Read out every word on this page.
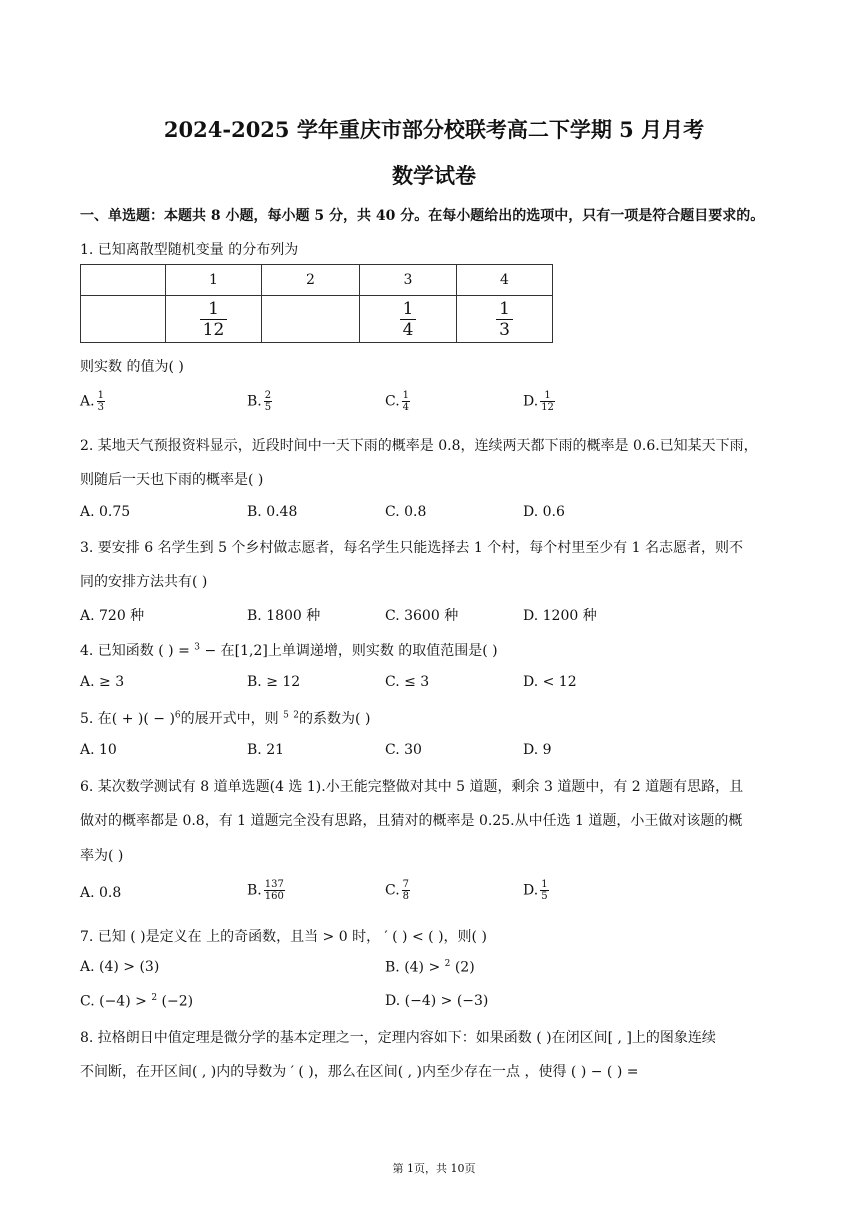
2024-2025 学年重庆市部分校联考高二下学期 5 月月考
数学试卷
一、单选题：本题共 8 小题，每小题 5 分，共 40 分。在每小题给出的选项中，只有一项是符合题目要求的。
1. 已知离散型随机变量 的分布列为
	1	2	3	4

	$\frac{1}{12}$		$\frac{1}{4}$	$\frac{1}{3}$
则实数 的值为( )
A. $\frac{1}{3}$	B. $\frac{2}{5}$	C. $\frac{1}{4}$	D. $\frac{1}{12}$
2. 某地天气预报资料显示，近段时间中一天下雨的概率是 0.8，连续两天都下雨的概率是 0.6.已知某天下雨，
则随后一天也下雨的概率是( )
A. 0.75	B. 0.48	C. 0.8	D. 0.6
3. 要安排 6 名学生到 5 个乡村做志愿者，每名学生只能选择去 1 个村，每个村里至少有 1 名志愿者，则不
同的安排方法共有( )
A. 720 种	B. 1800 种	C. 3600 种	D. 1200 种
4. 已知函数 ( ) = $^3$ − 在[1,2]上单调递增，则实数 的取值范围是( )
A. ≥ 3	B. ≥ 12	C. ≤ 3	D. < 12
5. 在( + )( − )$^6$的展开式中，则 $^5$ $^2$的系数为( )
A. 10	B. 21	C. 30	D. 9
6. 某次数学测试有 8 道单选题(4 选 1).小王能完整做对其中 5 道题，剩余 3 道题中，有 2 道题有思路，且
做对的概率都是 0.8，有 1 道题完全没有思路，且猜对的概率是 0.25.从中任选 1 道题，小王做对该题的概
率为( )
A. 0.8	B. $\frac{137}{160}$	C. $\frac{7}{8}$	D. $\frac{1}{5}$
7. 已知 ( )是定义在 上的奇函数，且当 > 0 时， ′ ( ) < ( )，则( )
A. (4) > (3)	B. (4) > $^2$ (2)
C. (−4) > $^2$ (−2)	D. (−4) > (−3)
8. 拉格朗日中值定理是微分学的基本定理之一，定理内容如下：如果函数 ( )在闭区间[ , ]上的图象连续
不间断，在开区间( , )内的导数为 ′ ( )，那么在区间( , )内至少存在一点 ，使得 ( ) − ( ) =
第 1页，共 10页
